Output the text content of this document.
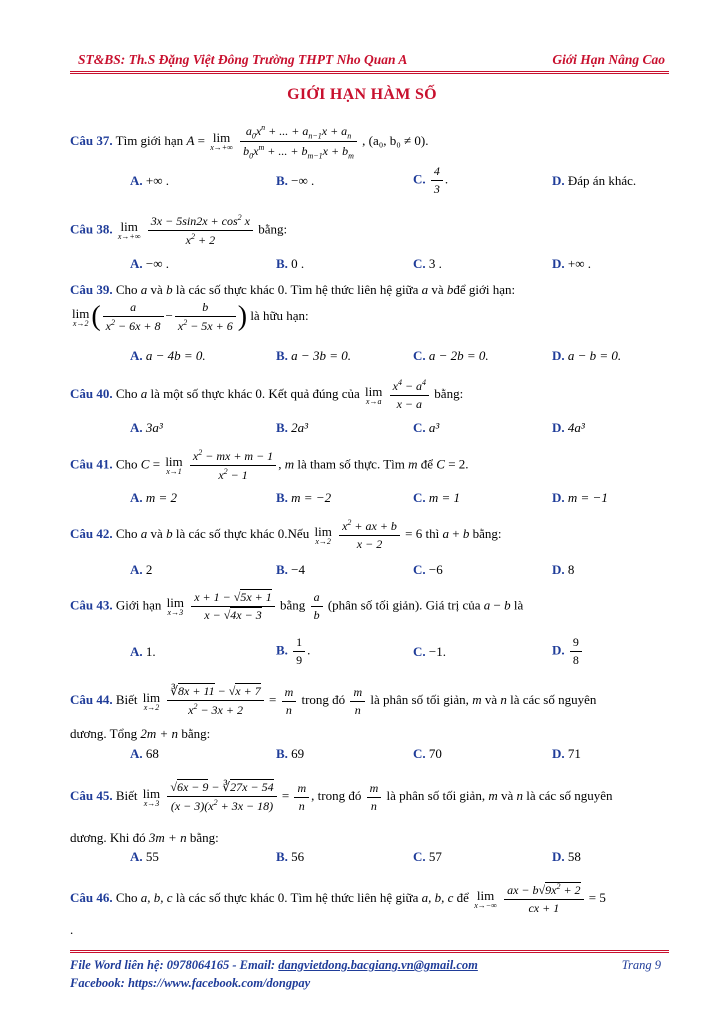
ST&BS: Th.S Đặng Việt Đông Trường THPT Nho Quan A	Giới Hạn Nâng Cao
GIỚI HẠN HÀM SỐ
Câu 37. Tìm giới hạn A = lim
x→+∞
$\frac{a_0x^n + ... + a_{n-1}x + a_n}{b_0x^m + ... + b_{m-1}x + b_m}$ , (a₀, b₀ ≠ 0).
A. +∞ .	B. −∞ .	C. $\frac{4}{3}$ .	D. Đáp án khác.
Câu 38. lim
x→+∞
$\frac{3x - 5\sin 2x + \cos^2 x}{x^2 + 2}$ bằng:
A. −∞ .	B. 0 .	C. 3 .	D. +∞ .
Câu 39. Cho a và b là các số thực khác 0. Tìm hệ thức liên hệ giữa a và bđể giới hạn:
lim
x→2 ( $\frac{a}{x^2 - 6x + 8} - \frac{b}{x^2 - 5x + 6}$ ) là hữu hạn:
A. a − 4b = 0.	B. a − 3b = 0.	C. a − 2b = 0.	D. a − b = 0.
Câu 40. Cho a là một số thực khác 0. Kết quả đúng của lim
x→a
$\frac{x^4 - a^4}{x - a}$ bằng:
A. 3a³	B. 2a³	C. a³	D. 4a³
Câu 41. Cho C = lim
x→1
$\frac{x^2 - mx + m - 1}{x^2 - 1}$ , m là tham số thực. Tìm m để C = 2.
A. m = 2	B. m = −2	C. m = 1	D. m = −1
Câu 42. Cho a và b là các số thực khác 0.Nếu lim
x→2
$\frac{x^2 + ax + b}{x - 2} = 6$ thì a + b bằng:
A. 2	B. −4	C. −6	D. 8
Câu 43. Giới hạn lim
x→3
$\frac{x + 1 - √5x + 1}{x - √4x - 3}$ bằng $\frac{a}{b}$ (phân số tối giản). Giá trị của a − b là
A. 1.	B. $\frac{1}{9}$ .	C. −1.	D. $\frac{9}{8}$
Câu 44. Biết lim
x→2
$\frac{∛8x + 11 - √x + 7}{x^2 - 3x + 2} = \frac{m}{n}$ trong đó $\frac{m}{n}$ là phân số tối giản, m và n là các số nguyên
dương. Tổng 2m + n bằng:
A. 68	B. 69	C. 70	D. 71
Câu 45. Biết lim
x→3
$\frac{√6x - 9 - ∛27x - 54}{(x - 3)(x^2 + 3x - 18)} = \frac{m}{n}$ , trong đó $\frac{m}{n}$ là phân số tối giản, m và n là các số nguyên
dương. Khi đó 3m + n bằng:
A. 55	B. 56	C. 57	D. 58
Câu 46. Cho a, b, c là các số thực khác 0. Tìm hệ thức liên hệ giữa a, b, c để lim
x→−∞
$\frac{ax - b√9x^2 + 2}{cx + 1} = 5$
.
File Word liên hệ: 0978064165 - Email: dangvietdong.bacgiang.vn@gmail.com	Trang 9
Facebook: https://www.facebook.com/dongpay
